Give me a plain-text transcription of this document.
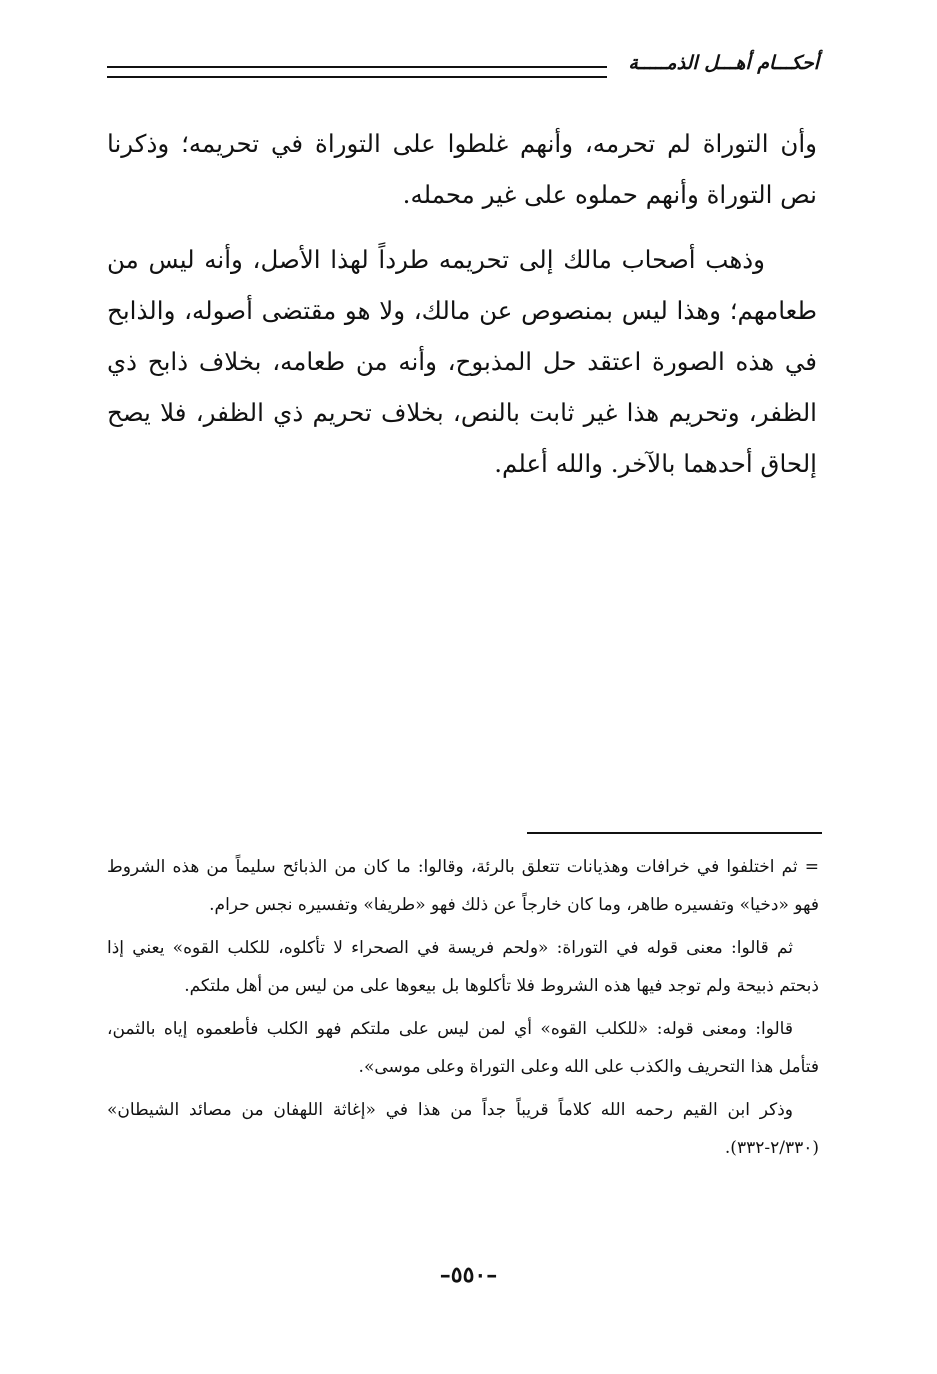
أحكـــام أهـــل الذمـــــة

وأن التوراة لم تحرمه، وأنهم غلطوا على التوراة في تحريمه؛ وذكرنا نص التوراة وأنهم حملوه على غير محمله.

وذهب أصحاب مالك إلى تحريمه طرداً لهذا الأصل، وأنه ليس من طعامهم؛ وهذا ليس بمنصوص عن مالك، ولا هو مقتضى أصوله، والذابح في هذه الصورة اعتقد حل المذبوح، وأنه من طعامه، بخلاف ذابح ذي الظفر، وتحريم هذا غير ثابت بالنص، بخلاف تحريم ذي الظفر، فلا يصح إلحاق أحدهما بالآخر. والله أعلم.

= ثم اختلفوا في خرافات وهذيانات تتعلق بالرئة، وقالوا: ما كان من الذبائح سليماً من هذه الشروط فهو «دخيا» وتفسيره طاهر، وما كان خارجاً عن ذلك فهو «طريفا» وتفسيره نجس حرام.

ثم قالوا: معنى قوله في التوراة: «ولحم فريسة في الصحراء لا تأكلوه، للكلب القوه» يعني إذا ذبحتم ذبيحة ولم توجد فيها هذه الشروط فلا تأكلوها بل بيعوها على من ليس من أهل ملتكم.

قالوا: ومعنى قوله: «للكلب القوه» أي لمن ليس على ملتكم فهو الكلب فأطعموه إياه بالثمن، فتأمل هذا التحريف والكذب على الله وعلى التوراة وعلى موسى».

وذكر ابن القيم رحمه الله كلاماً قريباً جداً من هذا في «إغاثة اللهفان من مصائد الشيطان» (٢/٣٣٠-٣٣٢).

–٥٥٠–
